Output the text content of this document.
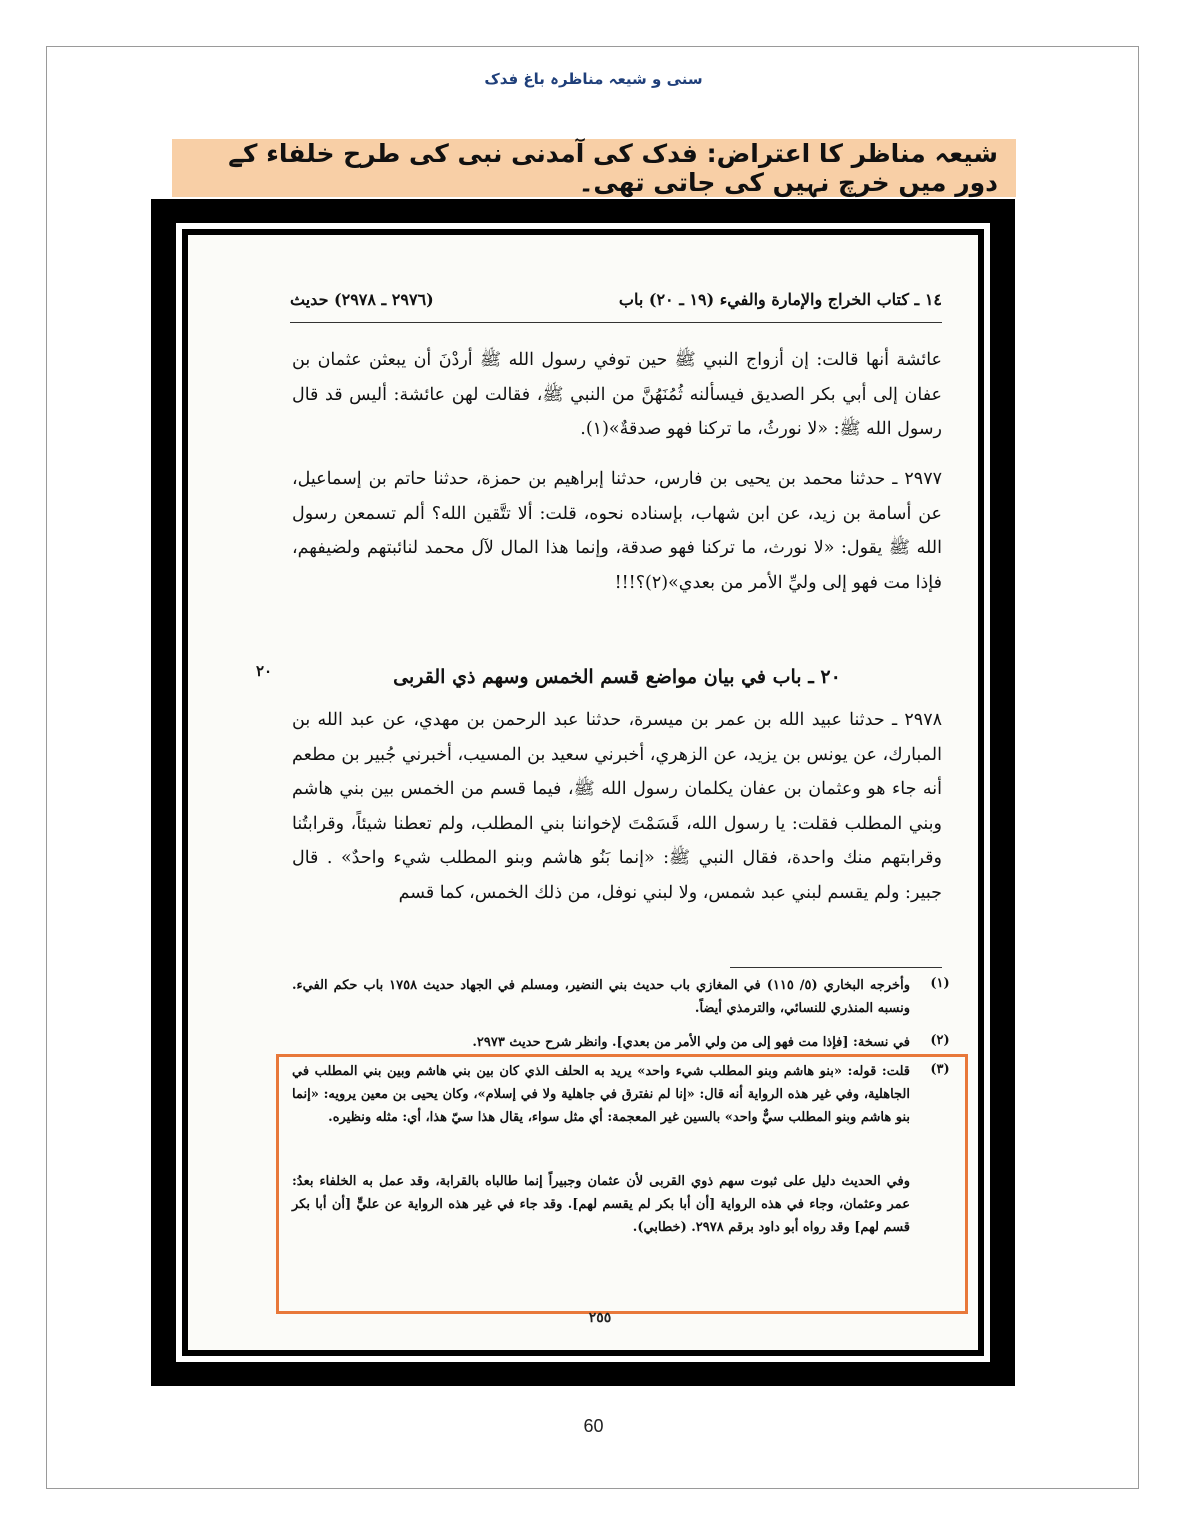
سنی و شیعہ مناظرہ باغ فدک
شیعہ مناظر کا اعتراض: فدک کی آمدنی نبی کی طرح خلفاء کے دور میں خرچ نہیں کی جاتی تھی۔
١٤ ـ كتاب الخراج والإمارة والفيء (١٩ ـ ٢٠) باب
(٢٩٧٦ ـ ٢٩٧٨) حديث

عائشة أنها قالت: إن أزواج النبي ﷺ حين توفي رسول الله ﷺ أردْنَ أن يبعثن عثمان بن عفان إلى أبي بكر الصديق فيسألنه ثُمُنَهُنَّ من النبي ﷺ، فقالت لهن عائشة: أليس قد قال رسول الله ﷺ: «لا نورثُ، ما تركنا فهو صدقةٌ»(١).

٢٩٧٧ ـ حدثنا محمد بن يحيى بن فارس، حدثنا إبراهيم بن حمزة، حدثنا حاتم بن إسماعيل، عن أسامة بن زيد، عن ابن شهاب، بإسناده نحوه، قلت: ألا تتَّقين الله؟ ألم تسمعن رسول الله ﷺ يقول: «لا نورث، ما تركنا فهو صدقة، وإنما هذا المال لآل محمد لنائبتهم ولضيفهم، فإذا مت فهو إلى وليِّ الأمر من بعدي»(٢)؟!!!

٢٠	٢٠ ـ باب في بيان مواضع قسم الخمس وسهم ذي القربى

٢٩٧٨ ـ حدثنا عبيد الله بن عمر بن ميسرة، حدثنا عبد الرحمن بن مهدي، عن عبد الله بن المبارك، عن يونس بن يزيد، عن الزهري، أخبرني سعيد بن المسيب، أخبرني جُبير بن مطعم أنه جاء هو وعثمان بن عفان يكلمان رسول الله ﷺ، فيما قسم من الخمس بين بني هاشم وبني المطلب فقلت: يا رسول الله، قَسَمْتَ لإخواننا بني المطلب، ولم تعطنا شيئاً، وقرابتُنا وقرابتهم منك واحدة، فقال النبي ﷺ: «إنما بَنُو هاشم وبنو المطلب شيء واحدٌ» . قال جبير: ولم يقسم لبني عبد شمس، ولا لبني نوفل، من ذلك الخمس، كما قسم

(١)

وأخرجه البخاري (٥/ ١١٥) في المغازي باب حديث بني النضير، ومسلم في الجهاد حديث ١٧٥٨ باب حكم الفيء. ونسبه المنذري للنسائي، والترمذي أيضاً.

(٢)

في نسخة: [فإذا مت فهو إلى من ولي الأمر من بعدي]. وانظر شرح حديث ٢٩٧٣.

(٣)

قلت: قوله: «بنو هاشم وبنو المطلب شيء واحد» يريد به الحلف الذي كان بين بني هاشم وبين بني المطلب في الجاهلية، وفي غير هذه الرواية أنه قال: «إنا لم نفترق في جاهلية ولا في إسلام»، وكان يحيى بن معين يرويه: «إنما بنو هاشم وبنو المطلب سيٌّ واحد» بالسين غير المعجمة: أي مثل سواء، يقال هذا سيّ هذا، أي: مثله ونظيره.

وفي الحديث دليل على ثبوت سهم ذوي القربى لأن عثمان وجبيراً إنما طالباه بالقرابة، وقد عمل به الخلفاء بعدُ: عمر وعثمان، وجاء في هذه الرواية [أن أبا بكر لم يقسم لهم]. وقد جاء في غير هذه الرواية عن عليٍّ [أن أبا بكر قسم لهم] وقد رواه أبو داود برقم ٢٩٧٨. (خطابي).

٢٥٥
60
